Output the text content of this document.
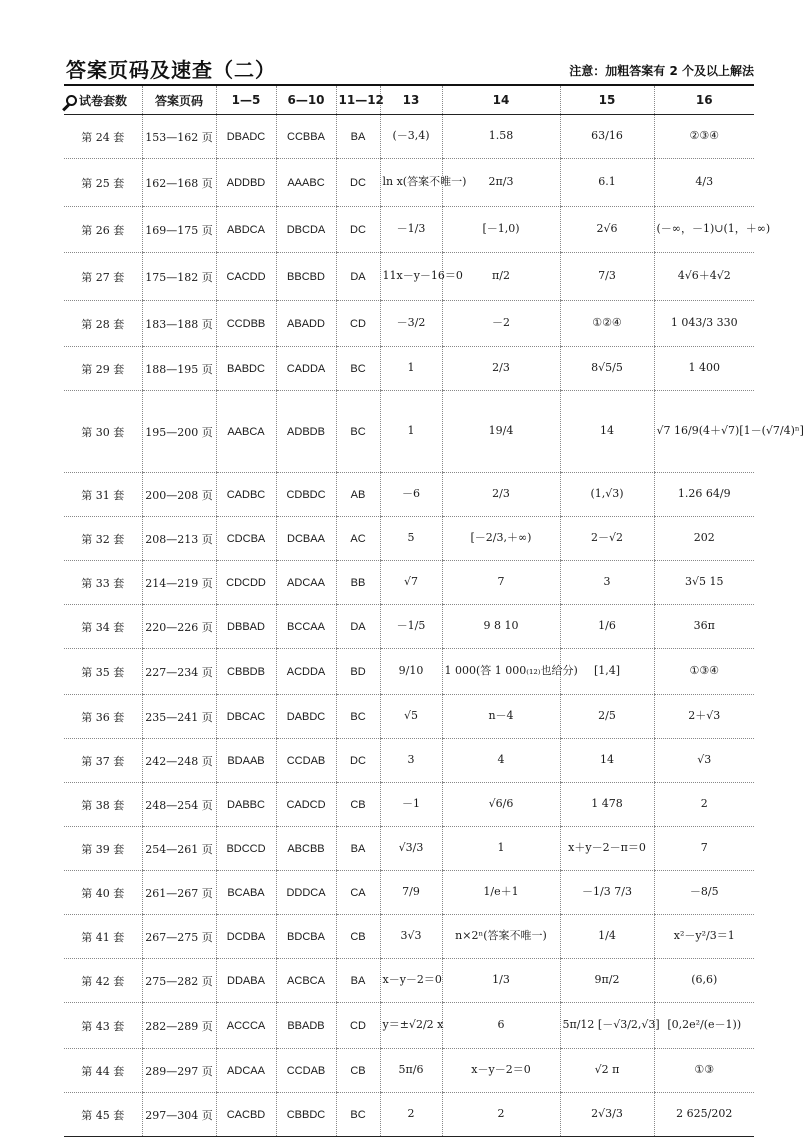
答案页码及速查（二）	注意：加粗答案有 2 个及以上解法
试卷套数	答案页码	1—5	6—10	11—12	13	14	15	16
第 24 套	153—162 页	DBADC	CCBBA	BA	(－3,4)	1.58	63/16	②③④
第 25 套	162—168 页	ADDBD	AAABC	DC	ln x(答案不唯一)	2π/3	6.1	4/3
第 26 套	169—175 页	ABDCA	DBCDA	DC	－1/3	[－1,0)	2√6	(－∞，－1)∪(1，＋∞)
第 27 套	175—182 页	CACDD	BBCBD	DA	11x－y－16＝0	π/2	7/3	4√6＋4√2
第 28 套	183—188 页	CCDBB	ABADD	CD	－3/2	－2	①②④	1 043/3 330
第 29 套	188—195 页	BABDC	CADDA	BC	1	2/3	8√5/5	1 400
第 30 套	195—200 页	AABCA	ADBDB	BC	1	19/4	14	√7 16/9(4＋√7)[1－(√7/4)ⁿ]
第 31 套	200—208 页	CADBC	CDBDC	AB	－6	2/3	(1,√3)	1.26 64/9
第 32 套	208—213 页	CDCBA	DCBAA	AC	5	[－2/3,＋∞)	2－√2	202
第 33 套	214—219 页	CDCDD	ADCAA	BB	√7	7	3	3√5 15
第 34 套	220—226 页	DBBAD	BCCAA	DA	－1/5	9 8 10	1/6	36π
第 35 套	227—234 页	CBBDB	ACDDA	BD	9/10	1 000(答 1 000₍₁₂₎也给分)	[1,4]	①③④
第 36 套	235—241 页	DBCAC	DABDC	BC	√5	n－4	2/5	2＋√3
第 37 套	242—248 页	BDAAB	CCDAB	DC	3	4	14	√3
第 38 套	248—254 页	DABBC	CADCD	CB	－1	√6/6	1 478	2
第 39 套	254—261 页	BDCCD	ABCBB	BA	√3/3	1	x＋y－2－π＝0	7
第 40 套	261—267 页	BCABA	DDDCA	CA	7/9	1/e＋1	－1/3 7/3	－8/5
第 41 套	267—275 页	DCDBA	BDCBA	CB	3√3	n×2ⁿ(答案不唯一)	1/4	x²－y²/3＝1
第 42 套	275—282 页	DDABA	ACBCA	BA	x－y－2＝0	1/3	9π/2	(6,6)
第 43 套	282—289 页	ACCCA	BBADB	CD	y＝±√2/2 x	6	5π/12 [－√3/2,√3]	[0,2e²/(e－1))
第 44 套	289—297 页	ADCAA	CCDAB	CB	5π/6	x－y－2＝0	√2 π	①③
第 45 套	297—304 页	CACBD	CBBDC	BC	2	2	2√3/3	2 625/202
